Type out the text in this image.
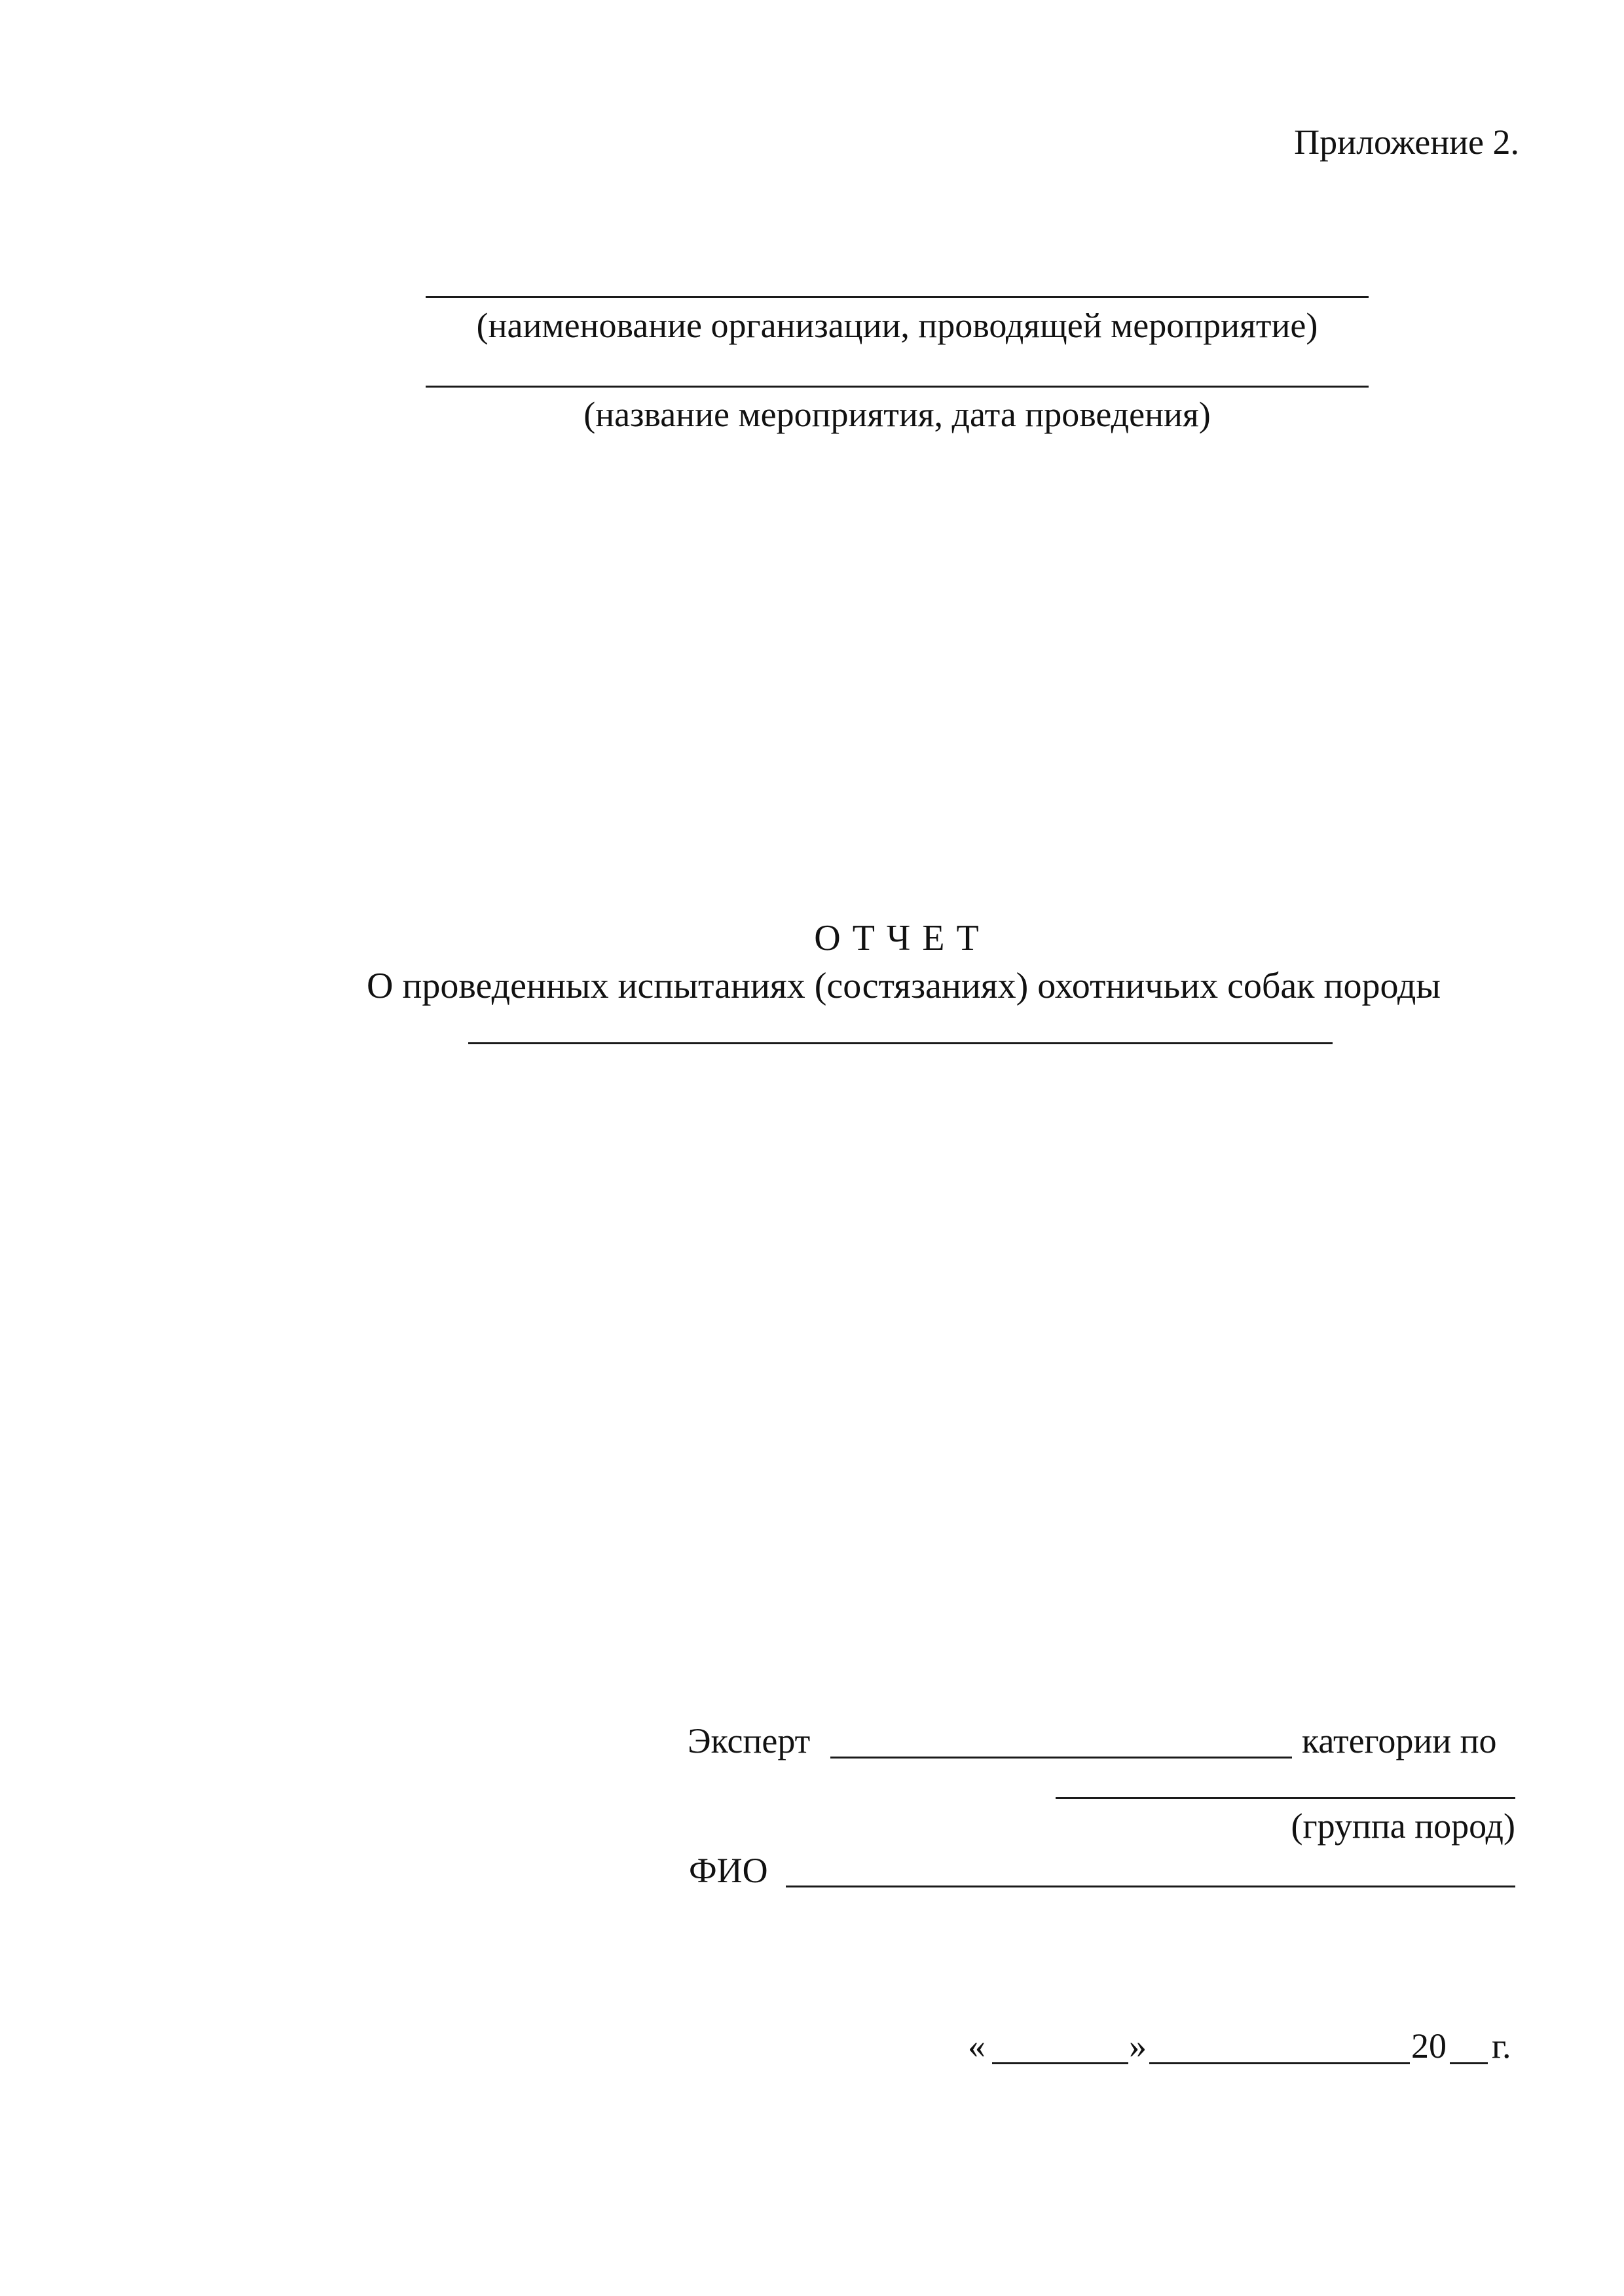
Приложение 2.
(наименование организации, проводящей мероприятие)
(название мероприятия, дата проведения)
О Т Ч Е Т
О проведенных испытаниях (состязаниях) охотничьих собак породы
Эксперт	категории по
(группа пород)
ФИО
«	»	20 г.
